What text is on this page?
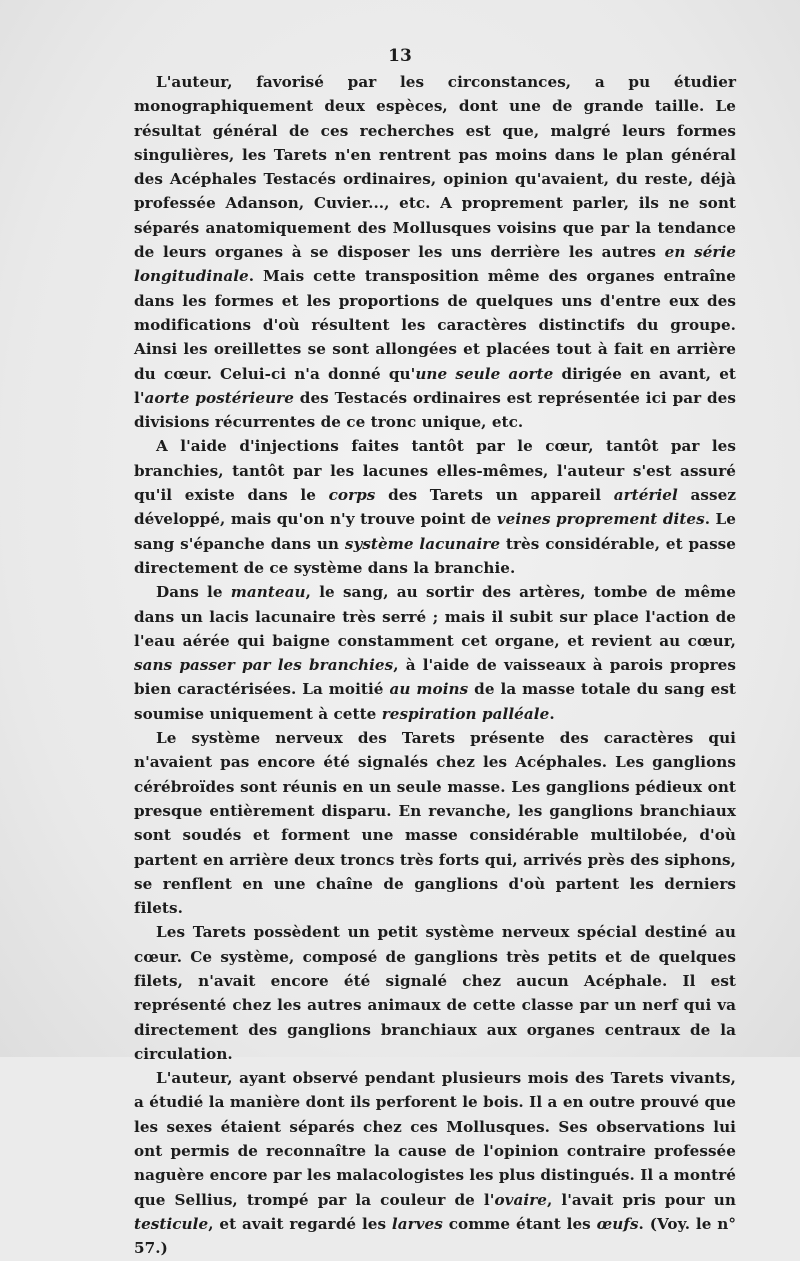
13

L'auteur, favorisé par les circonstances, a pu étudier monographiquement deux espèces, dont une de grande taille. Le résultat général de ces recherches est que, malgré leurs formes singulières, les Tarets n'en rentrent pas moins dans le plan général des Acéphales Testacés ordinaires, opinion qu'avaient, du reste, déjà professée Adanson, Cuvier..., etc. A proprement parler, ils ne sont séparés anatomiquement des Mollusques voisins que par la tendance de leurs organes à se disposer les uns derrière les autres en série longitudinale. Mais cette transposition même des organes entraîne dans les formes et les proportions de quelques uns d'entre eux des modifications d'où résultent les caractères distinctifs du groupe. Ainsi les oreillettes se sont allongées et placées tout à fait en arrière du cœur. Celui-ci n'a donné qu'une seule aorte dirigée en avant, et l'aorte postérieure des Testacés ordinaires est représentée ici par des divisions récurrentes de ce tronc unique, etc.

A l'aide d'injections faites tantôt par le cœur, tantôt par les branchies, tantôt par les lacunes elles-mêmes, l'auteur s'est assuré qu'il existe dans le corps des Tarets un appareil artériel assez développé, mais qu'on n'y trouve point de veines proprement dites. Le sang s'épanche dans un système lacunaire très considérable, et passe directement de ce système dans la branchie.

Dans le manteau, le sang, au sortir des artères, tombe de même dans un lacis lacunaire très serré ; mais il subit sur place l'action de l'eau aérée qui baigne constamment cet organe, et revient au cœur, sans passer par les branchies, à l'aide de vaisseaux à parois propres bien caractérisées. La moitié au moins de la masse totale du sang est soumise uniquement à cette respiration palléale.

Le système nerveux des Tarets présente des caractères qui n'avaient pas encore été signalés chez les Acéphales. Les ganglions cérébroïdes sont réunis en un seule masse. Les ganglions pédieux ont presque entièrement disparu. En revanche, les ganglions branchiaux sont soudés et forment une masse considérable multilobée, d'où partent en arrière deux troncs très forts qui, arrivés près des siphons, se renflent en une chaîne de ganglions d'où partent les derniers filets.

Les Tarets possèdent un petit système nerveux spécial destiné au cœur. Ce système, composé de ganglions très petits et de quelques filets, n'avait encore été signalé chez aucun Acéphale. Il est représenté chez les autres animaux de cette classe par un nerf qui va directement des ganglions branchiaux aux organes centraux de la circulation.

L'auteur, ayant observé pendant plusieurs mois des Tarets vivants, a étudié la manière dont ils perforent le bois. Il a en outre prouvé que les sexes étaient séparés chez ces Mollusques. Ses observations lui ont permis de reconnaître la cause de l'opinion contraire professée naguère encore par les malacologistes les plus distingués. Il a montré que Sellius, trompé par la couleur de l'ovaire, l'avait pris pour un testicule, et avait regardé les larves comme étant les œufs. (Voy. le n° 57.)
